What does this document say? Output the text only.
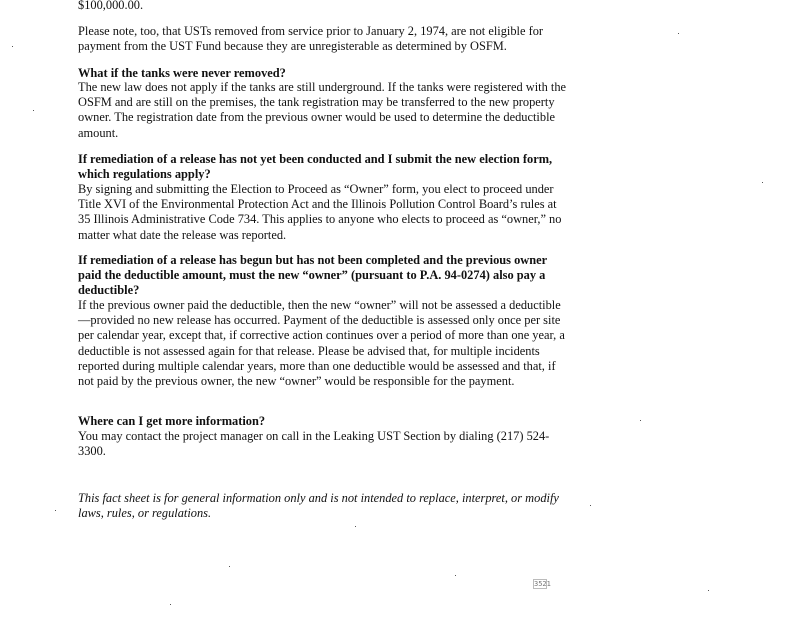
$100,000.00.
Please note, too, that USTs removed from service prior to January 2, 1974, are not eligible for payment from the UST Fund because they are unregisterable as determined by OSFM.
What if the tanks were never removed?
The new law does not apply if the tanks are still underground. If the tanks were registered with the OSFM and are still on the premises, the tank registration may be transferred to the new property owner. The registration date from the previous owner would be used to determine the deductible amount.
If remediation of a release has not yet been conducted and I submit the new election form, which regulations apply?
By signing and submitting the Election to Proceed as “Owner” form, you elect to proceed under Title XVI of the Environmental Protection Act and the Illinois Pollution Control Board’s rules at 35 Illinois Administrative Code 734. This applies to anyone who elects to proceed as “owner,” no matter what date the release was reported.
If remediation of a release has begun but has not been completed and the previous owner paid the deductible amount, must the new “owner” (pursuant to P.A. 94-0274) also pay a deductible?
If the previous owner paid the deductible, then the new “owner” will not be assessed a deductible—provided no new release has occurred. Payment of the deductible is assessed only once per site per calendar year, except that, if corrective action continues over a period of more than one year, a deductible is not assessed again for that release. Please be advised that, for multiple incidents reported during multiple calendar years, more than one deductible would be assessed and that, if not paid by the previous owner, the new “owner” would be responsible for the payment.
Where can I get more information?
You may contact the project manager on call in the Leaking UST Section by dialing (217) 524-3300.
This fact sheet is for general information only and is not intended to replace, interpret, or modify laws, rules, or regulations.
3521
